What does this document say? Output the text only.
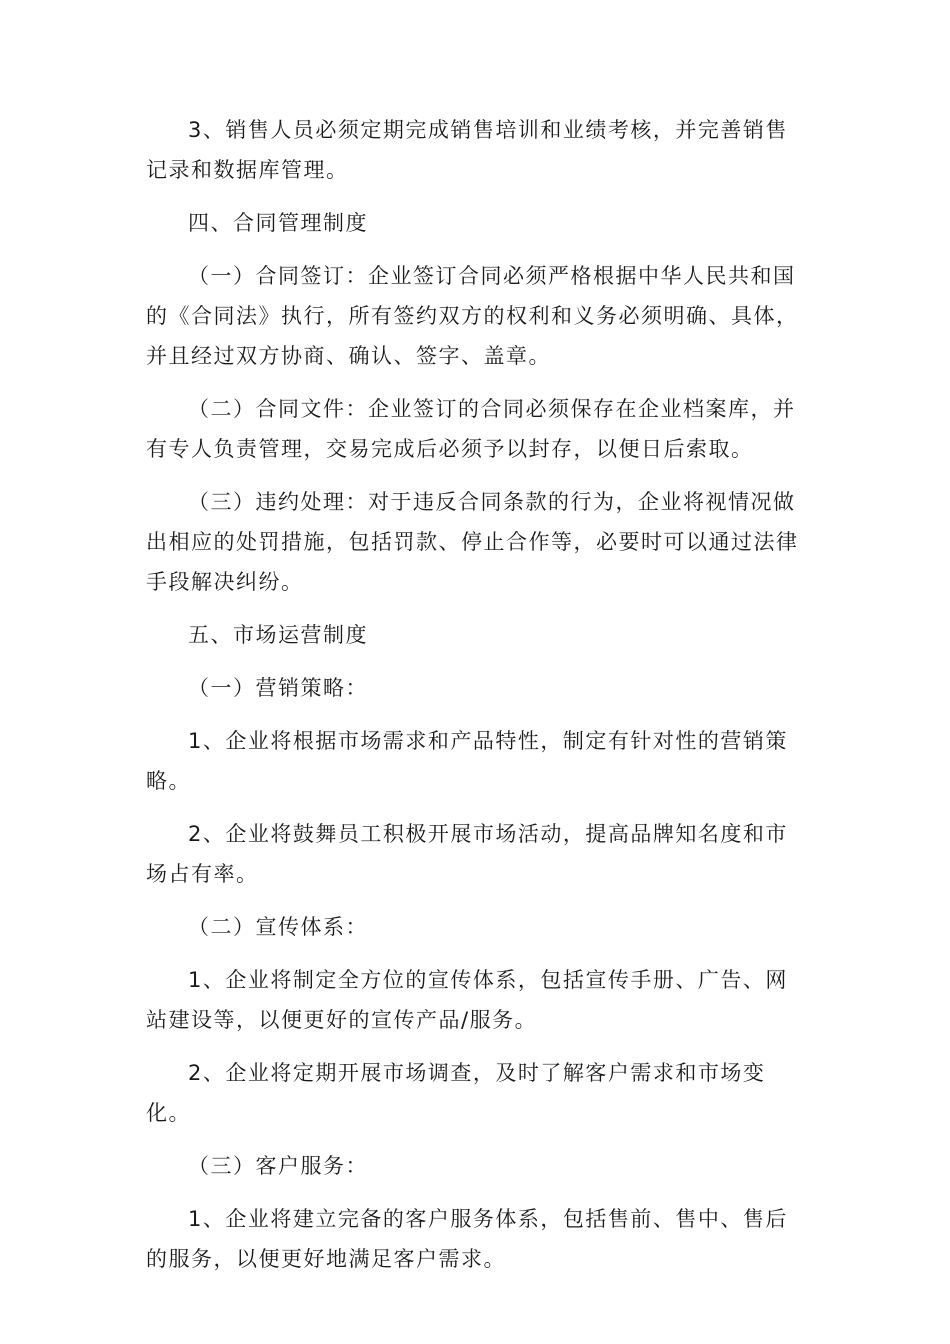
3、销售人员必须定期完成销售培训和业绩考核，并完善销售记录和数据库管理。

四、合同管理制度

（一）合同签订：企业签订合同必须严格根据中华人民共和国的《合同法》执行，所有签约双方的权利和义务必须明确、具体，并且经过双方协商、确认、签字、盖章。

（二）合同文件：企业签订的合同必须保存在企业档案库，并有专人负责管理，交易完成后必须予以封存，以便日后索取。

（三）违约处理：对于违反合同条款的行为，企业将视情况做出相应的处罚措施，包括罚款、停止合作等，必要时可以通过法律手段解决纠纷。

五、市场运营制度

（一）营销策略：

1、企业将根据市场需求和产品特性，制定有针对性的营销策略。

2、企业将鼓舞员工积极开展市场活动，提高品牌知名度和市场占有率。

（二）宣传体系：

1、企业将制定全方位的宣传体系，包括宣传手册、广告、网站建设等，以便更好的宣传产品/服务。

2、企业将定期开展市场调查，及时了解客户需求和市场变化。

（三）客户服务：

1、企业将建立完备的客户服务体系，包括售前、售中、售后的服务，以便更好地满足客户需求。
